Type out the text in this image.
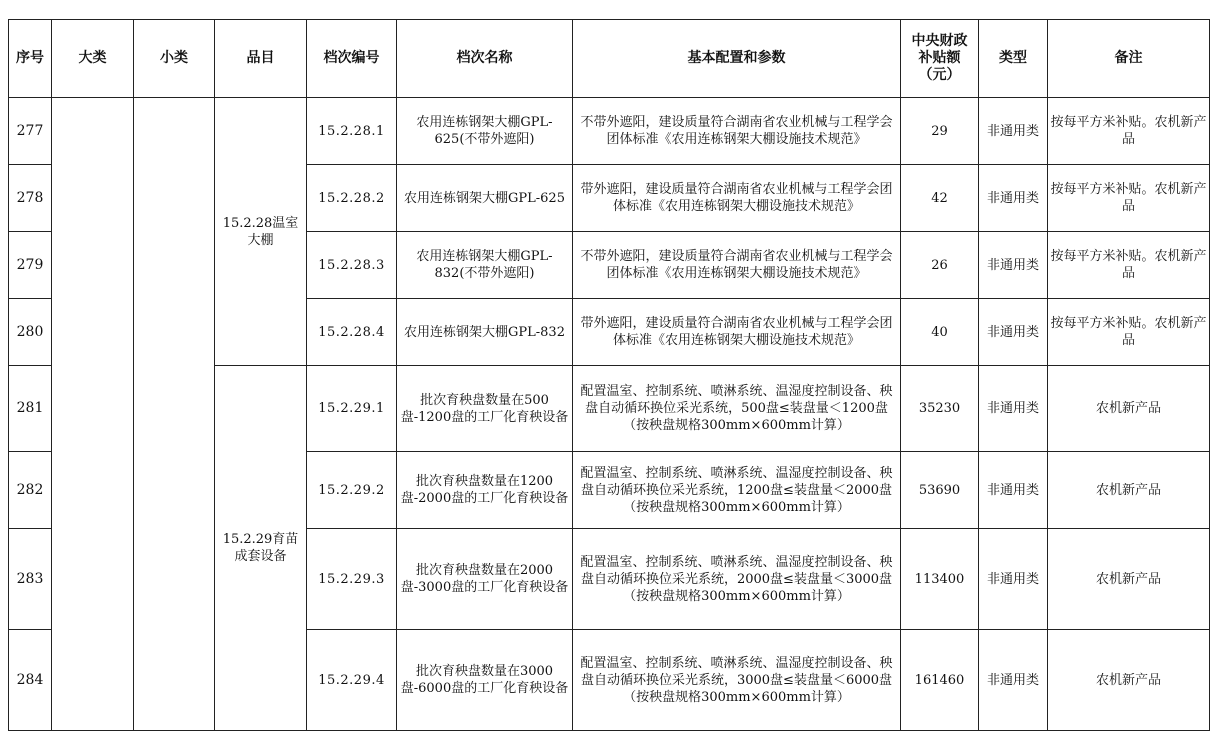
序号	大类	小类	品目	档次编号	档次名称	基本配置和参数	中央财政补贴额（元）	类型	备注
277			15.2.28温室大棚	15.2.28.1	农用连栋钢架大棚GPL-625(不带外遮阳)	不带外遮阳，建设质量符合湖南省农业机械与工程学会团体标准《农用连栋钢架大棚设施技术规范》	29	非通用类	按每平方米补贴。农机新产品
278				15.2.28.2	农用连栋钢架大棚GPL-625	带外遮阳，建设质量符合湖南省农业机械与工程学会团体标准《农用连栋钢架大棚设施技术规范》	42	非通用类	按每平方米补贴。农机新产品
279				15.2.28.3	农用连栋钢架大棚GPL-832(不带外遮阳)	不带外遮阳，建设质量符合湖南省农业机械与工程学会团体标准《农用连栋钢架大棚设施技术规范》	26	非通用类	按每平方米补贴。农机新产品
280				15.2.28.4	农用连栋钢架大棚GPL-832	带外遮阳，建设质量符合湖南省农业机械与工程学会团体标准《农用连栋钢架大棚设施技术规范》	40	非通用类	按每平方米补贴。农机新产品
281			15.2.29育苗成套设备	15.2.29.1	批次育秧盘数量在500盘-1200盘的工厂化育秧设备	配置温室、控制系统、喷淋系统、温湿度控制设备、秧盘自动循环换位采光系统，500盘≤装盘量＜1200盘（按秧盘规格300mm×600mm计算）	35230	非通用类	农机新产品
282				15.2.29.2	批次育秧盘数量在1200盘-2000盘的工厂化育秧设备	配置温室、控制系统、喷淋系统、温湿度控制设备、秧盘自动循环换位采光系统，1200盘≤装盘量＜2000盘（按秧盘规格300mm×600mm计算）	53690	非通用类	农机新产品
283				15.2.29.3	批次育秧盘数量在2000盘-3000盘的工厂化育秧设备	配置温室、控制系统、喷淋系统、温湿度控制设备、秧盘自动循环换位采光系统，2000盘≤装盘量＜3000盘（按秧盘规格300mm×600mm计算）	113400	非通用类	农机新产品
284				15.2.29.4	批次育秧盘数量在3000盘-6000盘的工厂化育秧设备	配置温室、控制系统、喷淋系统、温湿度控制设备、秧盘自动循环换位采光系统，3000盘≤装盘量＜6000盘（按秧盘规格300mm×600mm计算）	161460	非通用类	农机新产品
